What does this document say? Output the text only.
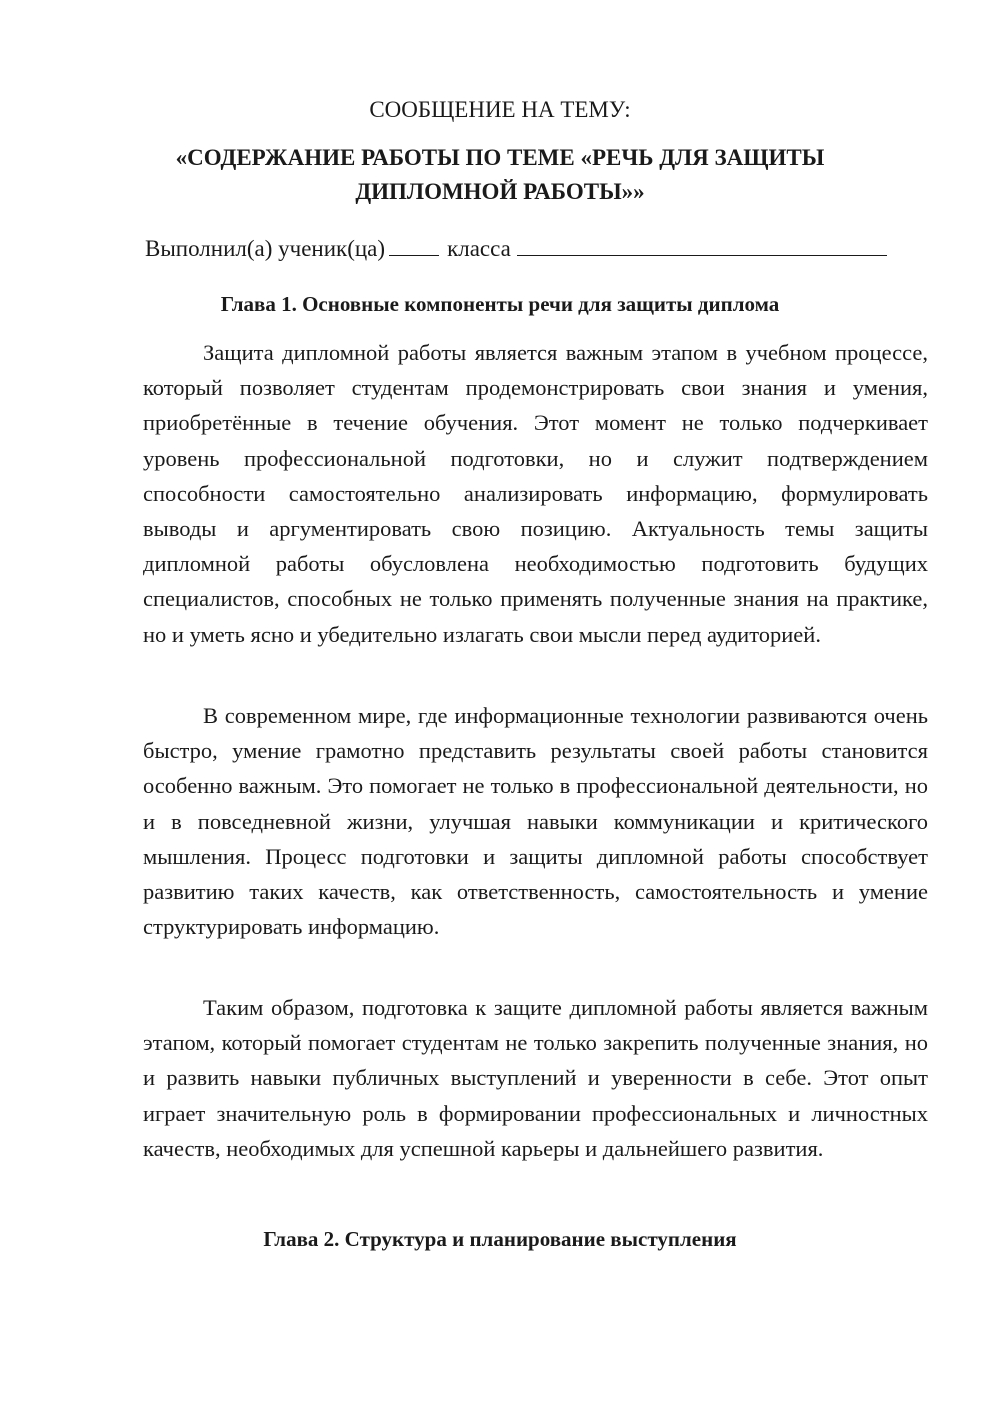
СООБЩЕНИЕ НА ТЕМУ:

«СОДЕРЖАНИЕ РАБОТЫ ПО ТЕМЕ «РЕЧЬ ДЛЯ ЗАЩИТЫ

ДИПЛОМНОЙ РАБОТЫ»»

Выполнил(а) ученик(ца)	класса
Глава 1. Основные компоненты речи для защиты диплома

Защита дипломной работы является важным этапом в учебном процессе, который позволяет студентам продемонстрировать свои знания и умения, приобретённые в течение обучения. Этот момент не только подчеркивает уровень профессиональной подготовки, но и служит подтверждением способности самостоятельно анализировать информацию, формулировать выводы и аргументировать свою позицию. Актуальность темы защиты дипломной работы обусловлена необходимостью подготовить будущих специалистов, способных не только применять полученные знания на практике, но и уметь ясно и убедительно излагать свои мысли перед аудиторией.

В современном мире, где информационные технологии развиваются очень быстро, умение грамотно представить результаты своей работы становится особенно важным. Это помогает не только в профессиональной деятельности, но и в повседневной жизни, улучшая навыки коммуникации и критического мышления. Процесс подготовки и защиты дипломной работы способствует развитию таких качеств, как ответственность, самостоятельность и умение структурировать информацию.

Таким образом, подготовка к защите дипломной работы является важным этапом, который помогает студентам не только закрепить полученные знания, но и развить навыки публичных выступлений и уверенности в себе. Этот опыт играет значительную роль в формировании профессиональных и личностных качеств, необходимых для успешной карьеры и дальнейшего развития.

Глава 2. Структура и планирование выступления
